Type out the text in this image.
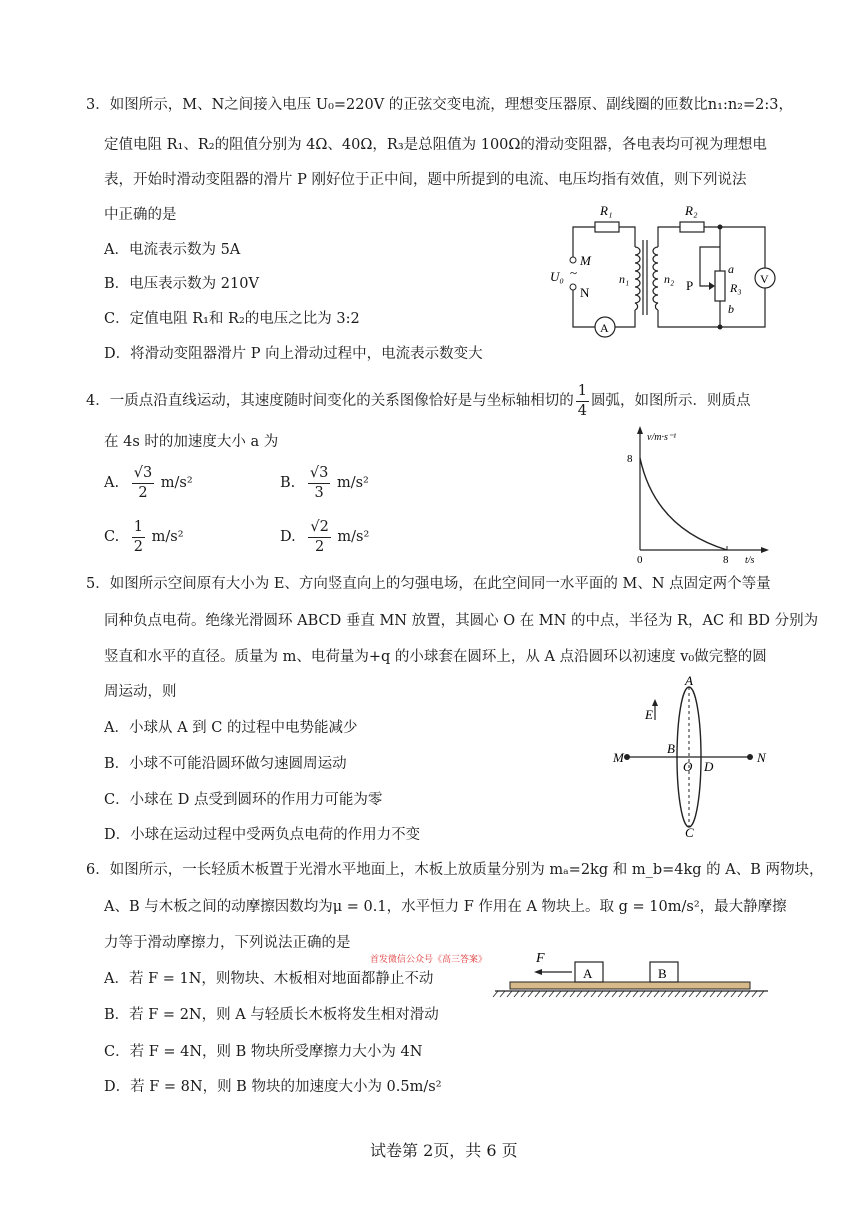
3．如图所示，M、N之间接入电压 U₀=220V 的正弦交变电流，理想变压器原、副线圈的匝数比n₁:n₂=2:3，
定值电阻 R₁、R₂的阻值分别为 4Ω、40Ω，R₃是总阻值为 100Ω的滑动变阻器，各电表均可视为理想电
表，开始时滑动变阻器的滑片 P 刚好位于正中间，题中所提到的电流、电压均指有效值，则下列说法
中正确的是
A．电流表示数为 5A
B．电压表示数为 210V
C．定值电阻 R₁和 R₂的电压之比为 3:2
D．将滑动变阻器滑片 P 向上滑动过程中，电流表示数变大
R₁	R₂
M
N
U₀ ~	n₁	n₂ P
a
R₃
b
A
V
4．一质点沿直线运动，其速度随时间变化的关系图像恰好是与坐标轴相切的 $\frac{1}{4}$ 圆弧，如图所示．则质点
在 4s 时的加速度大小 a 为
A. $\frac{√3}{2} m/s^2$	B. $\frac{√3}{3} m/s^2$
C. $\frac{1}{2} m/s^2$	D. $\frac{√2}{2} m/s^2$
v/m·s⁻¹
t/s
8
8
0
5．如图所示空间原有大小为 E、方向竖直向上的匀强电场，在此空间同一水平面的 M、N 点固定两个等量
同种负点电荷。绝缘光滑圆环 ABCD 垂直 MN 放置，其圆心 O 在 MN 的中点，半径为 R，AC 和 BD 分别为
竖直和水平的直径。质量为 m、电荷量为+q 的小球套在圆环上，从 A 点沿圆环以初速度 v₀做完整的圆
周运动，则
A．小球从 A 到 C 的过程中电势能减少
B．小球不可能沿圆环做匀速圆周运动
C．小球在 D 点受到圆环的作用力可能为零
D．小球在运动过程中受两负点电荷的作用力不变
E
A
B
O D
C
M	N
6．如图所示，一长轻质木板置于光滑水平地面上，木板上放质量分别为 mₐ=2kg 和 m_b=4kg 的 A、B 两物块，
A、B 与木板之间的动摩擦因数均为μ = 0.1，水平恒力 F 作用在 A 物块上。取 g = 10m/s²，最大静摩擦
力等于滑动摩擦力，下列说法正确的是
首发微信公众号《高三答案》
A．若 F = 1N，则物块、木板相对地面都静止不动
B．若 F = 2N，则 A 与轻质长木板将发生相对滑动
C．若 F = 4N，则 B 物块所受摩擦力大小为 4N
D．若 F = 8N，则 B 物块的加速度大小为 0.5m/s²
F
A	B
试卷第 2页，共 6 页
